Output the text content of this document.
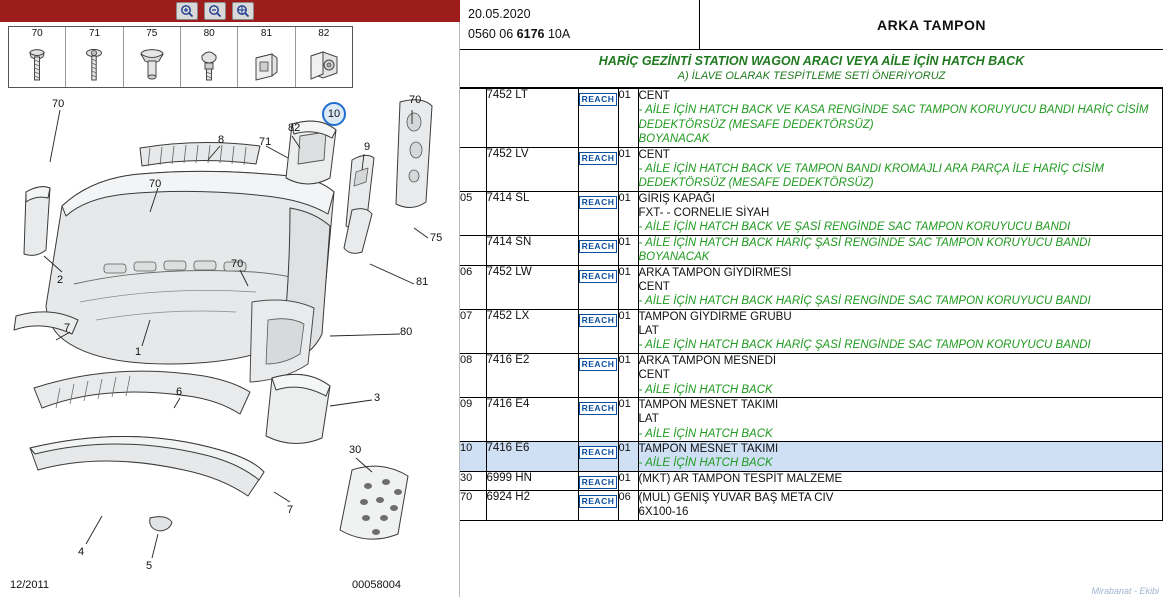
70	71	75	80	81	82
70
8
82
71
70
9
70
75
70
2	81
7	80
1
6	3
30
4
5
7
10
12/2011	00058004
20.05.2020
0560 06 6176 10A
ARKA TAMPON
HARİÇ GEZİNTİ STATION WAGON ARACI VEYA AİLE İÇİN HATCH BACK
A) İLAVE OLARAK TESPİTLEME SETİ ÖNERİYORUZ
	7452 LT	REACH	01	CENT
- AİLE İÇİN HATCH BACK VE KASA RENGİNDE SAC TAMPON KORUYUCU BANDI HARİÇ CİSİM DEDEKTÖRSÜZ (MESAFE DEDEKTÖRSÜZ)
BOYANACAK

	7452 LV	REACH	01	CENT
- AİLE İÇİN HATCH BACK VE TAMPON BANDI KROMAJLI ARA PARÇA İLE HARİÇ CİSİM DEDEKTÖRSÜZ (MESAFE DEDEKTÖRSÜZ)

05	7414 SL	REACH	01	GİRİŞ KAPAĞI
FXT- - CORNELIE SİYAH
- AİLE İÇİN HATCH BACK VE ŞASİ RENGİNDE SAC TAMPON KORUYUCU BANDI

	7414 SN	REACH	01	- AİLE İÇİN HATCH BACK HARİÇ ŞASİ RENGİNDE SAC TAMPON KORUYUCU BANDI
BOYANACAK

06	7452 LW	REACH	01	ARKA TAMPON GİYDİRMESİ
CENT
- AİLE İÇİN HATCH BACK HARİÇ ŞASİ RENGİNDE SAC TAMPON KORUYUCU BANDI

07	7452 LX	REACH	01	TAMPON GİYDİRME GRUBU
LAT
- AİLE İÇİN HATCH BACK HARİÇ ŞASİ RENGİNDE SAC TAMPON KORUYUCU BANDI

08	7416 E2	REACH	01	ARKA TAMPON MESNEDİ
CENT
- AİLE İÇİN HATCH BACK

09	7416 E4	REACH	01	TAMPON MESNET TAKIMI
LAT
- AİLE İÇİN HATCH BACK

10	7416 E6	REACH	01	TAMPON MESNET TAKIMI
- AİLE İÇİN HATCH BACK

30	6999 HN	REACH	01	(MKT) AR TAMPON TESPİT MALZEME

70	6924 H2	REACH	06	(MUL) GENİŞ YUVAR BAŞ META CIV
6X100-16
Mirabanat - Ekibi
